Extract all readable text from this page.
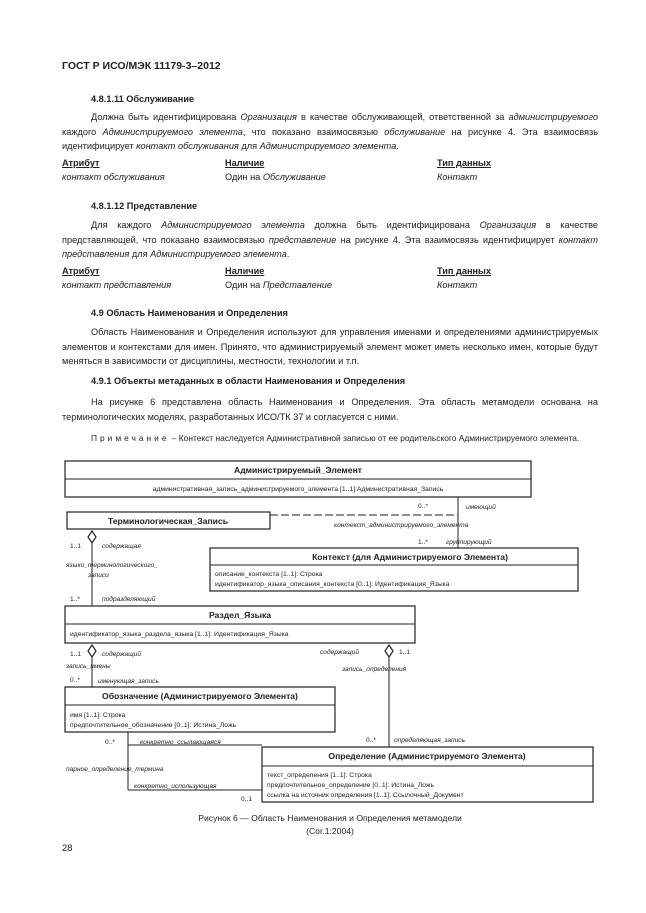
ГОСТ Р ИСО/МЭК 11179-3–2012
4.8.1.11 Обслуживание
Должна быть идентифицирована Организация в качестве обслуживающей, ответственной за администрируемого каждого Администрируемого элемента, что показано взаимосвязью обслуживание на рисунке 4. Эта взаимосвязь идентифицирует контакт обслуживания для Администрируемого элемента.
Атрибут	Наличие	Тип данных
контакт обслуживания	Один на Обслуживание	Контакт
4.8.1.12 Представление
Для каждого Администрируемого элемента должна быть идентифицирована Организация в качестве представляющей, что показано взаимосвязью представление на рисунке 4. Эта взаимосвязь идентифицирует контакт представления для Администрируемого элемента.
Атрибут	Наличие	Тип данных
контакт представления	Один на Представление	Контакт
4.9 Область Наименования и Определения
Область Наименования и Определения используют для управления именами и определениями администрируемых элементов и контекстами для имен. Принято, что администрируемый элемент может иметь несколько имен, которые будут меняться в зависимости от дисциплины, местности, технологии и т.п.
4.9.1 Объекты метаданных в области Наименования и Определения
На рисунке 6 представлена область Наименования и Определения. Эта область метамодели основана на терминологических моделях, разработанных ИСО/ТК 37 и согласуется с ними.
Примечание – Контекст наследуется Административной записью от ее родительского Администрируемого элемента.
Администрируемый_Элемент
административная_запись_администрируемого_элемента [1..1]:Административная_Запись
0..*	имеющий
1..*	группирующий
контекст_администрируемого_элемента
Терминологическая_Запись
1..1	содержащая
языки_терминологического_
записи
1..*	подразделяющий
Контекст (для Администрируемого Элемента)
описание_контекста [1..1]: Строка
идентификатор_языка_описания_контекста [0..1]: Идентификация_Языка
Раздел_Языка
идентификатор_языка_раздела_языка [1..1]: Идентификация_Языка
1..1	содержащий
запись_имены
0..*	именующая_запись
содержащий	1..1
запись_определения
0..*	определяющая_запись
Обозначение (Администрируемого Элемента)
имя [1..1]: Строка
предпочтительное_обозначение [0..1]: Истина_Ложь
0..*	конкретно_ссылающаяся
парное_определение_термина
конкретно_использующая
0..1
Определение (Администрируемого Элемента)
текст_определения [1..1]: Строка
предпочтительное_определение [0..1]: Истина_Ложь
ссылка на источник определения [1..1]: Ссылочный_Документ
Рисунок 6 — Область Наименования и Определения метамодели
(Cor.1:2004)
28
